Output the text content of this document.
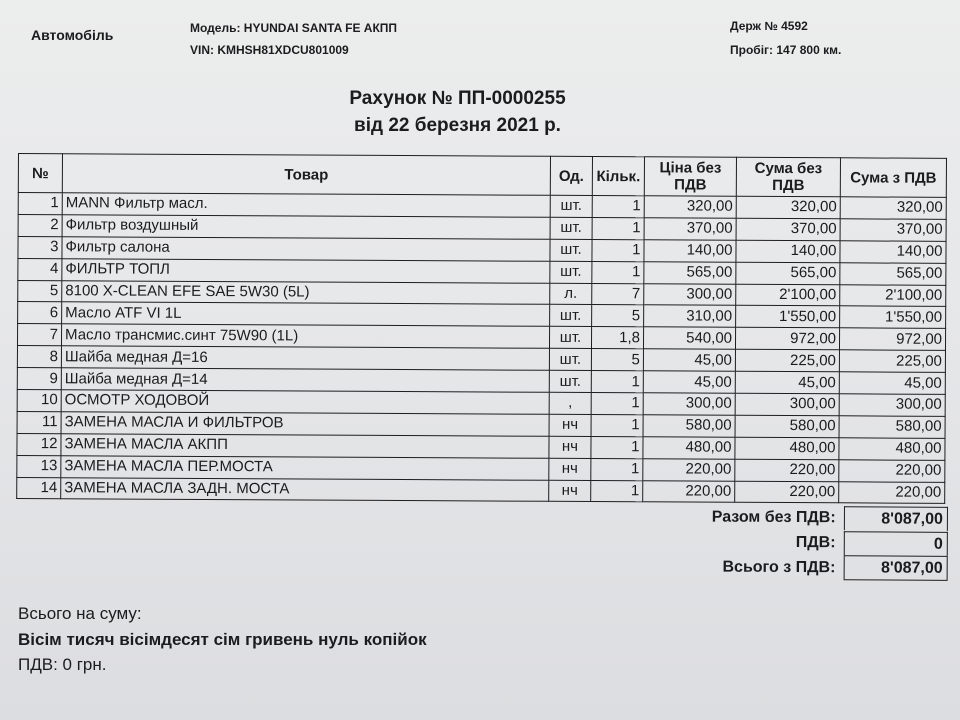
Автомобіль	Модель: HYUNDAI SANTA FE АКПП
VIN: KMHSH81XDCU801009
Держ № 4592
Пробіг: 147 800 км.
Рахунок № ПП-0000255
від 22 березня 2021 р.
№	Товар	Од.	Кільк.	Ціна без ПДВ	Сума без ПДВ	Сума з ПДВ
1	MANN Фильтр масл.	шт.	1	320,00	320,00	320,00
2	Фильтр воздушный	шт.	1	370,00	370,00	370,00
3	Фильтр салона	шт.	1	140,00	140,00	140,00
4	ФИЛЬТР ТОПЛ	шт.	1	565,00	565,00	565,00
5	8100 X-CLEAN EFE SAE 5W30 (5L)	л.	7	300,00	2'100,00	2'100,00
6	Масло ATF VI 1L	шт.	5	310,00	1'550,00	1'550,00
7	Масло трансмис.синт 75W90 (1L)	шт.	1,8	540,00	972,00	972,00
8	Шайба медная Д=16	шт.	5	45,00	225,00	225,00
9	Шайба медная Д=14	шт.	1	45,00	45,00	45,00
10	ОСМОТР ХОДОВОЙ	,	1	300,00	300,00	300,00
11	ЗАМЕНА МАСЛА И ФИЛЬТРОВ	нч	1	580,00	580,00	580,00
12	ЗАМЕНА МАСЛА АКПП	нч	1	480,00	480,00	480,00
13	ЗАМЕНА МАСЛА ПЕР.МОСТА	нч	1	220,00	220,00	220,00
14	ЗАМЕНА МАСЛА ЗАДН. МОСТА	нч	1	220,00	220,00	220,00
Разом без ПДВ:	8'087,00
ПДВ:	0
Всього з ПДВ:	8'087,00
Всього на суму:
Вісім тисяч вісімдесят сім гривень нуль копійок
ПДВ: 0 грн.
